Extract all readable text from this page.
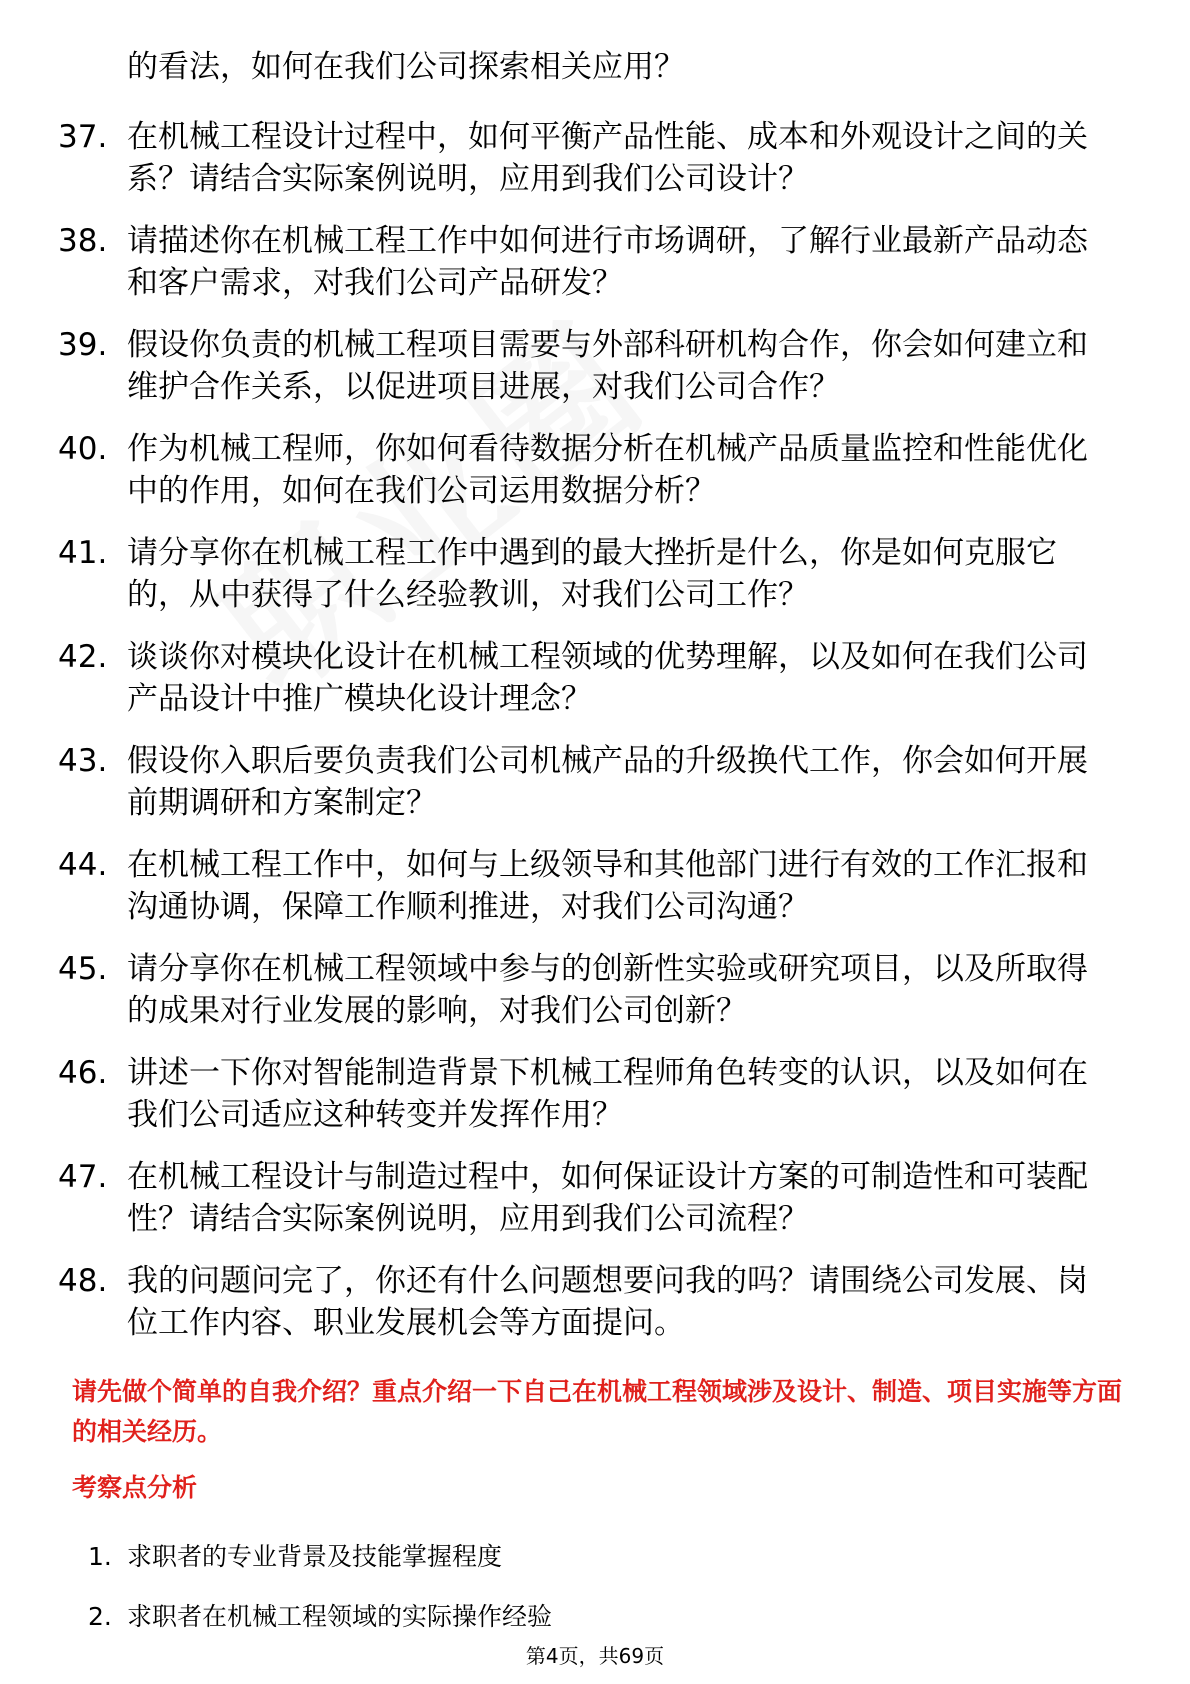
的看法，如何在我们公司探索相关应用？
37. 在机械工程设计过程中，如何平衡产品性能、成本和外观设计之间的关系？请结合实际案例说明，应用到我们公司设计？
38. 请描述你在机械工程工作中如何进行市场调研，了解行业最新产品动态和客户需求，对我们公司产品研发？
39. 假设你负责的机械工程项目需要与外部科研机构合作，你会如何建立和维护合作关系，以促进项目进展，对我们公司合作？
40. 作为机械工程师，你如何看待数据分析在机械产品质量监控和性能优化中的作用，如何在我们公司运用数据分析？
41. 请分享你在机械工程工作中遇到的最大挫折是什么，你是如何克服它的，从中获得了什么经验教训，对我们公司工作？
42. 谈谈你对模块化设计在机械工程领域的优势理解，以及如何在我们公司产品设计中推广模块化设计理念？
43. 假设你入职后要负责我们公司机械产品的升级换代工作，你会如何开展前期调研和方案制定？
44. 在机械工程工作中，如何与上级领导和其他部门进行有效的工作汇报和沟通协调，保障工作顺利推进，对我们公司沟通？
45. 请分享你在机械工程领域中参与的创新性实验或研究项目，以及所取得的成果对行业发展的影响，对我们公司创新？
46. 讲述一下你对智能制造背景下机械工程师角色转变的认识，以及如何在我们公司适应这种转变并发挥作用？
47. 在机械工程设计与制造过程中，如何保证设计方案的可制造性和可装配性？请结合实际案例说明，应用到我们公司流程？
48. 我的问题问完了，你还有什么问题想要问我的吗？请围绕公司发展、岗位工作内容、职业发展机会等方面提问。
请先做个简单的自我介绍？重点介绍一下自己在机械工程领域涉及设计、制造、项目实施等方面的相关经历。
考察点分析
1. 求职者的专业背景及技能掌握程度
2. 求职者在机械工程领域的实际操作经验
第4页，共69页
